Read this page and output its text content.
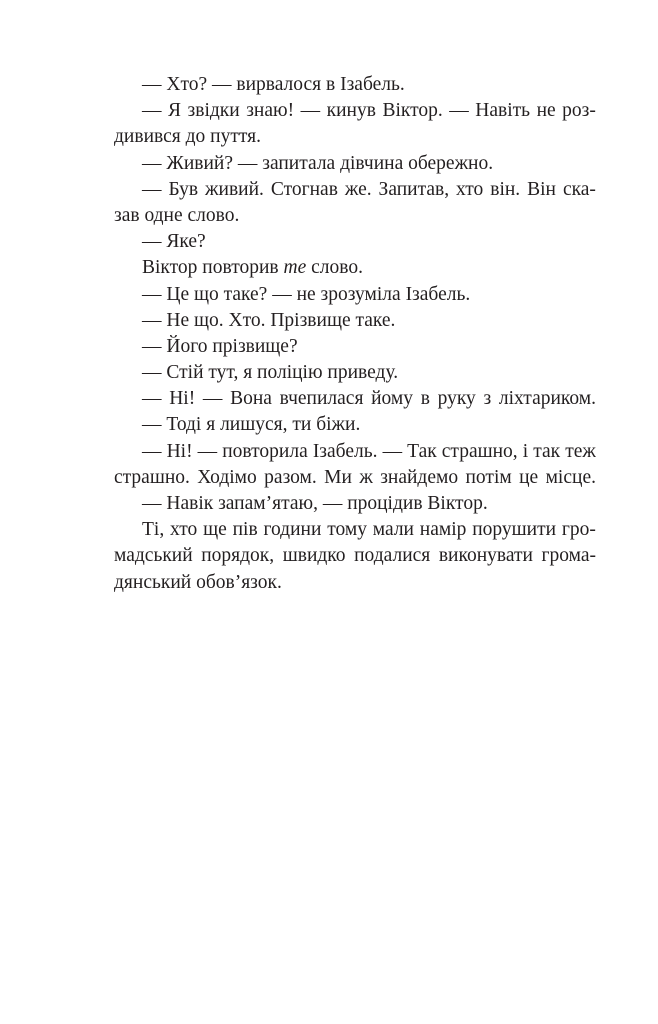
— Хто? — вирвалося в Ізабель.
— Я звідки знаю! — кинув Віктор. — Навіть не роз-
дивився до пуття.
— Живий? — запитала дівчина обережно.
— Був живий. Стогнав же. Запитав, хто він. Він ска-
зав одне слово.
— Яке?
Віктор повторив те слово.
— Це що таке? — не зрозуміла Ізабель.
— Не що. Хто. Прізвище таке.
— Його прізвище?
— Стій тут, я поліцію приведу.
— Ні! — Вона вчепилася йому в руку з ліхтариком.
— Тоді я лишуся, ти біжи.
— Ні! — повторила Ізабель. — Так страшно, і так теж
страшно. Ходімо разом. Ми ж знайдемо потім це місце.
— Навік запам’ятаю, — процідив Віктор.
Ті, хто ще пів години тому мали намір порушити гро-
мадський порядок, швидко подалися виконувати грома-
дянський обов’язок.
